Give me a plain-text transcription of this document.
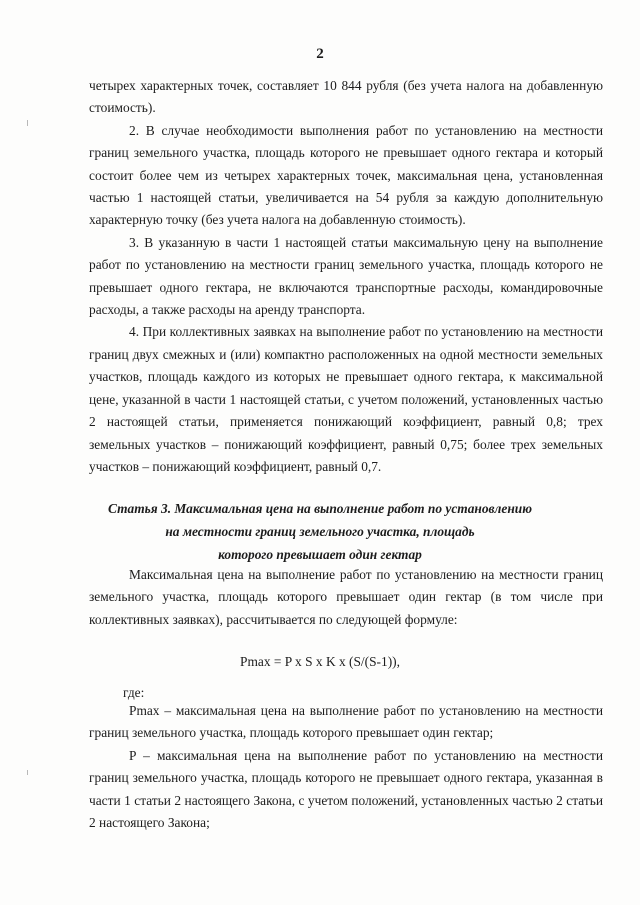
2

четырех характерных точек, составляет 10 844 рубля (без учета налога на добавленную стоимость).

2. В случае необходимости выполнения работ по установлению на местности границ земельного участка, площадь которого не превышает одного гектара и который состоит более чем из четырех характерных точек, максимальная цена, установленная частью 1 настоящей статьи, увеличивается на 54 рубля за каждую дополнительную характерную точку (без учета налога на добавленную стоимость).

3. В указанную в части 1 настоящей статьи максимальную цену на выполнение работ по установлению на местности границ земельного участка, площадь которого не превышает одного гектара, не включаются транспортные расходы, командировочные расходы, а также расходы на аренду транспорта.

4. При коллективных заявках на выполнение работ по установлению на местности границ двух смежных и (или) компактно расположенных на одной местности земельных участков, площадь каждого из которых не превышает одного гектара, к максимальной цене, указанной в части 1 настоящей статьи, с учетом положений, установленных частью 2 настоящей статьи, применяется понижающий коэффициент, равный 0,8; трех земельных участков – понижающий коэффициент, равный 0,75; более трех земельных участков – понижающий коэффициент, равный 0,7.

Статья 3. Максимальная цена на выполнение работ по установлению
на местности границ земельного участка, площадь
которого превышает один гектар

Максимальная цена на выполнение работ по установлению на местности границ земельного участка, площадь которого превышает один гектар (в том числе при коллективных заявках), рассчитывается по следующей формуле:

Pmax = P x S x K x (S/(S-1)),
где:

Pmax – максимальная цена на выполнение работ по установлению на местности границ земельного участка, площадь которого превышает один гектар;

P – максимальная цена на выполнение работ по установлению на местности границ земельного участка, площадь которого не превышает одного гектара, указанная в части 1 статьи 2 настоящего Закона, с учетом положений, установленных частью 2 статьи 2 настоящего Закона;
